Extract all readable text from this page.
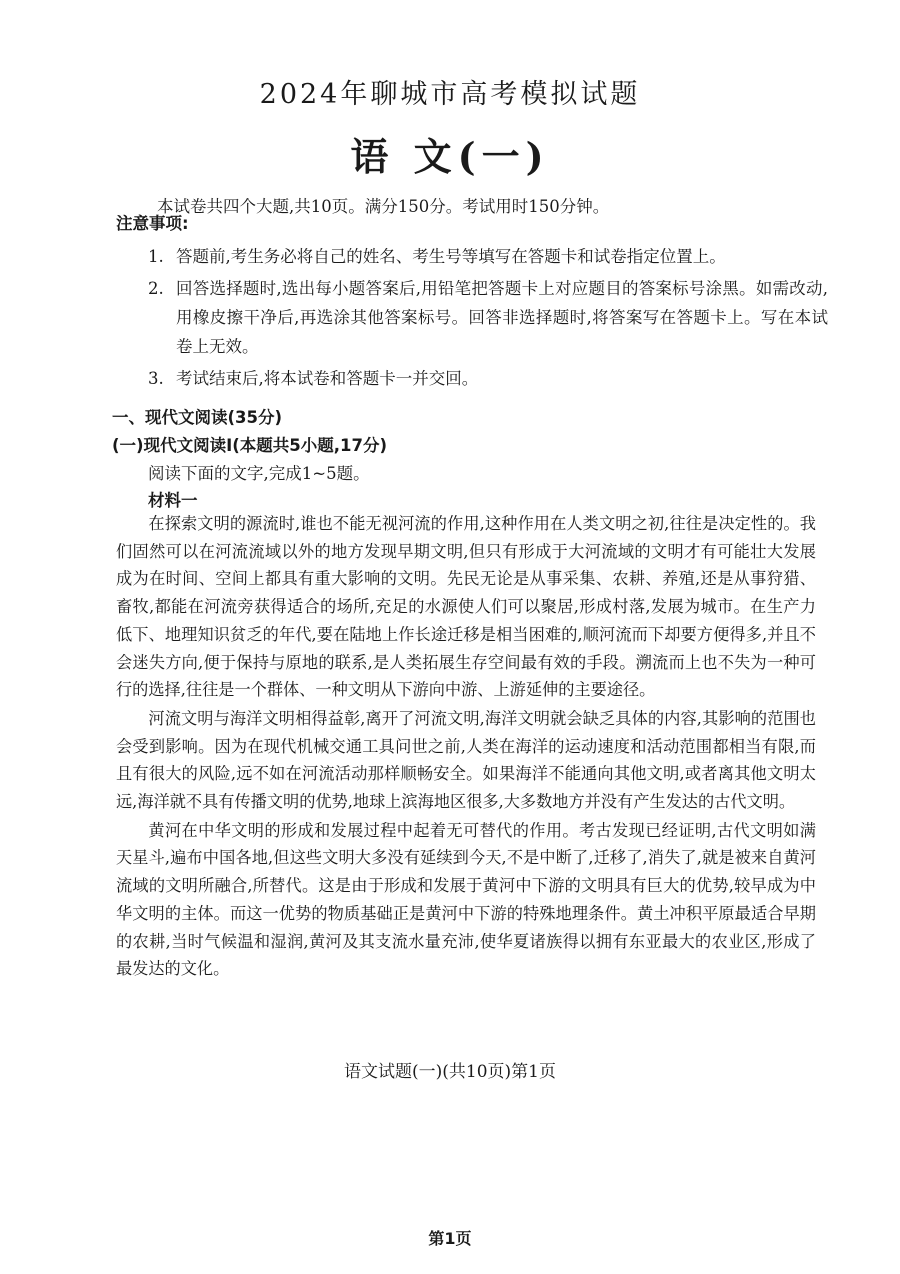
2024年聊城市高考模拟试题
语 文(一)
本试卷共四个大题,共10页。满分150分。考试用时150分钟。
注意事项:
1. 答题前,考生务必将自己的姓名、考生号等填写在答题卡和试卷指定位置上。
2. 回答选择题时,选出每小题答案后,用铅笔把答题卡上对应题目的答案标号涂黑。如需改动,用橡皮擦干净后,再选涂其他答案标号。回答非选择题时,将答案写在答题卡上。写在本试卷上无效。
3. 考试结束后,将本试卷和答题卡一并交回。
一、现代文阅读(35分)
(一)现代文阅读Ⅰ(本题共5小题,17分)
阅读下面的文字,完成1~5题。
材料一

在探索文明的源流时,谁也不能无视河流的作用,这种作用在人类文明之初,往往是决定性的。我们固然可以在河流流域以外的地方发现早期文明,但只有形成于大河流域的文明才有可能壮大发展成为在时间、空间上都具有重大影响的文明。先民无论是从事采集、农耕、养殖,还是从事狩猎、畜牧,都能在河流旁获得适合的场所,充足的水源使人们可以聚居,形成村落,发展为城市。在生产力低下、地理知识贫乏的年代,要在陆地上作长途迁移是相当困难的,顺河流而下却要方便得多,并且不会迷失方向,便于保持与原地的联系,是人类拓展生存空间最有效的手段。溯流而上也不失为一种可行的选择,往往是一个群体、一种文明从下游向中游、上游延伸的主要途径。

河流文明与海洋文明相得益彰,离开了河流文明,海洋文明就会缺乏具体的内容,其影响的范围也会受到影响。因为在现代机械交通工具问世之前,人类在海洋的运动速度和活动范围都相当有限,而且有很大的风险,远不如在河流活动那样顺畅安全。如果海洋不能通向其他文明,或者离其他文明太远,海洋就不具有传播文明的优势,地球上滨海地区很多,大多数地方并没有产生发达的古代文明。

黄河在中华文明的形成和发展过程中起着无可替代的作用。考古发现已经证明,古代文明如满天星斗,遍布中国各地,但这些文明大多没有延续到今天,不是中断了,迁移了,消失了,就是被来自黄河流域的文明所融合,所替代。这是由于形成和发展于黄河中下游的文明具有巨大的优势,较早成为中华文明的主体。而这一优势的物质基础正是黄河中下游的特殊地理条件。黄土冲积平原最适合早期的农耕,当时气候温和湿润,黄河及其支流水量充沛,使华夏诸族得以拥有东亚最大的农业区,形成了最发达的文化。

语文试题(一)(共10页)第1页
第1页
